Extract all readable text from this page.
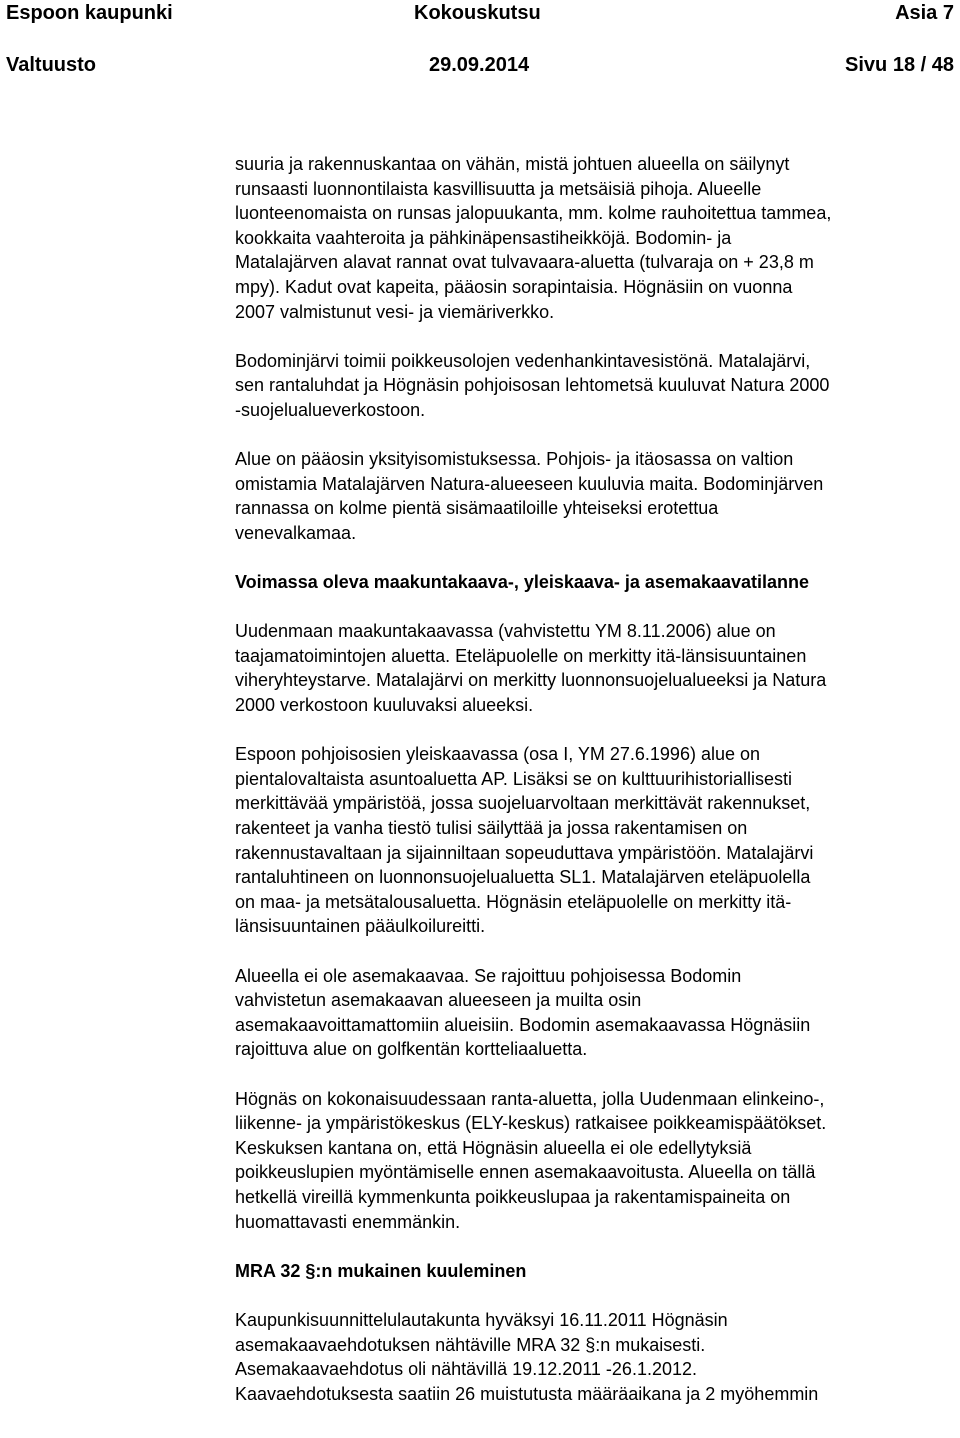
Espoon kaupunki	Kokouskutsu	Asia 7
Valtuusto	29.09.2014	Sivu 18 / 48

suuria ja rakennuskantaa on vähän, mistä johtuen alueella on säilynyt
runsaasti luonnontilaista kasvillisuutta ja metsäisiä pihoja. Alueelle
luonteenomaista on runsas jalopuukanta, mm. kolme rauhoitettua tammea,
kookkaita vaahteroita ja pähkinäpensastiheikköjä. Bodomin- ja
Matalajärven alavat rannat ovat tulvavaara-aluetta (tulvaraja on + 23,8 m
mpy). Kadut ovat kapeita, pääosin sorapintaisia. Högnäsiin on vuonna
2007 valmistunut vesi- ja viemäriverkko.

Bodominjärvi toimii poikkeusolojen vedenhankintavesistönä. Matalajärvi,
sen rantaluhdat ja Högnäsin pohjoisosan lehtometsä kuuluvat Natura 2000
-suojelualueverkostoon.

Alue on pääosin yksityisomistuksessa. Pohjois- ja itäosassa on valtion
omistamia Matalajärven Natura-alueeseen kuuluvia maita. Bodominjärven
rannassa on kolme pientä sisämaatiloille yhteiseksi erotettua
venevalkamaa.

Voimassa oleva maakuntakaava-, yleiskaava- ja asemakaavatilanne

Uudenmaan maakuntakaavassa (vahvistettu YM 8.11.2006) alue on
taajamatoimintojen aluetta. Eteläpuolelle on merkitty itä-länsisuuntainen
viheryhteystarve. Matalajärvi on merkitty luonnonsuojelualueeksi ja Natura
2000 verkostoon kuuluvaksi alueeksi.

Espoon pohjoisosien yleiskaavassa (osa I, YM 27.6.1996) alue on
pientalovaltaista asuntoaluetta AP. Lisäksi se on kulttuurihistoriallisesti
merkittävää ympäristöä, jossa suojeluarvoltaan merkittävät rakennukset,
rakenteet ja vanha tiestö tulisi säilyttää ja jossa rakentamisen on
rakennustavaltaan ja sijainniltaan sopeuduttava ympäristöön. Matalajärvi
rantaluhtineen on luonnonsuojelualuetta SL1. Matalajärven eteläpuolella
on maa- ja metsätalousaluetta. Högnäsin eteläpuolelle on merkitty itä-
länsisuuntainen pääulkoilureitti.

Alueella ei ole asemakaavaa. Se rajoittuu pohjoisessa Bodomin
vahvistetun asemakaavan alueeseen ja muilta osin
asemakaavoittamattomiin alueisiin. Bodomin asemakaavassa Högnäsiin
rajoittuva alue on golfkentän kortteliaaluetta.

Högnäs on kokonaisuudessaan ranta-aluetta, jolla Uudenmaan elinkeino-,
liikenne- ja ympäristökeskus (ELY-keskus) ratkaisee poikkeamispäätökset.
Keskuksen kantana on, että Högnäsin alueella ei ole edellytyksiä
poikkeuslupien myöntämiselle ennen asemakaavoitusta. Alueella on tällä
hetkellä vireillä kymmenkunta poikkeuslupaa ja rakentamispaineita on
huomattavasti enemmänkin.

MRA 32 §:n mukainen kuuleminen

Kaupunkisuunnittelulautakunta hyväksyi 16.11.2011 Högnäsin
asemakaavaehdotuksen nähtäville MRA 32 §:n mukaisesti.
Asemakaavaehdotus oli nähtävillä 19.12.2011 -26.1.2012.
Kaavaehdotuksesta saatiin 26 muistutusta määräaikana ja 2 myöhemmin
